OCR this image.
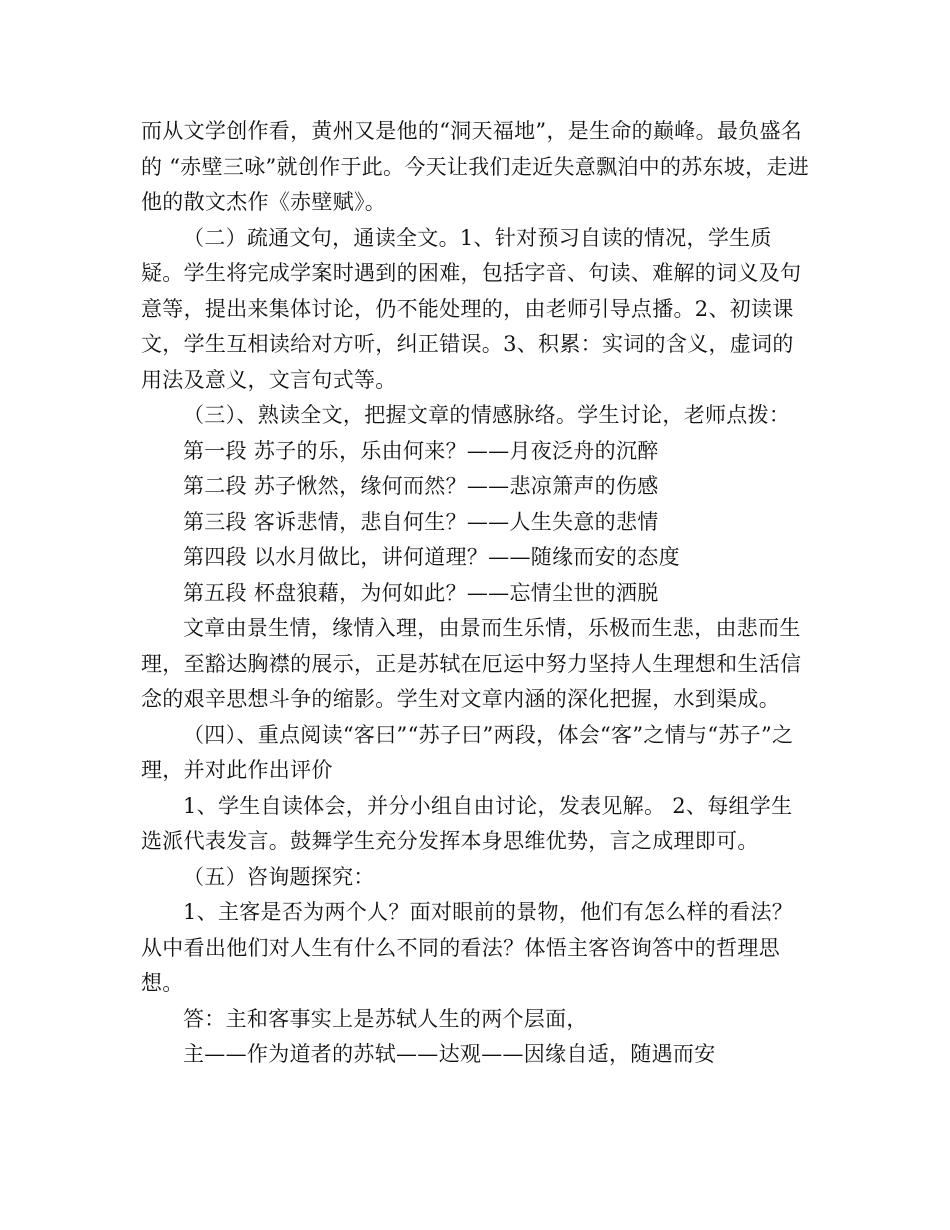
而从文学创作看，黄州又是他的“洞天福地”，是生命的巅峰。最负盛名的 “赤壁三咏”就创作于此。今天让我们走近失意飘泊中的苏东坡，走进他的散文杰作《赤壁赋》。

（二）疏通文句，通读全文。1、针对预习自读的情况，学生质疑。学生将完成学案时遇到的困难，包括字音、句读、难解的词义及句意等，提出来集体讨论，仍不能处理的，由老师引导点播。2、初读课文，学生互相读给对方听，纠正错误。3、积累：实词的含义，虚词的用法及意义，文言句式等。

（三）、熟读全文，把握文章的情感脉络。学生讨论，老师点拨：

第一段 苏子的乐，乐由何来？——月夜泛舟的沉醉

第二段 苏子愀然，缘何而然？——悲凉箫声的伤感

第三段 客诉悲情，悲自何生？——人生失意的悲情

第四段 以水月做比，讲何道理？——随缘而安的态度

第五段 杯盘狼藉，为何如此？——忘情尘世的洒脱

文章由景生情，缘情入理，由景而生乐情，乐极而生悲，由悲而生理，至豁达胸襟的展示，正是苏轼在厄运中努力坚持人生理想和生活信念的艰辛思想斗争的缩影。学生对文章内涵的深化把握，水到渠成。

（四）、重点阅读“客曰”“苏子曰”两段，体会“客”之情与“苏子”之理，并对此作出评价

1、学生自读体会，并分小组自由讨论，发表见解。 2、每组学生选派代表发言。鼓舞学生充分发挥本身思维优势，言之成理即可。

（五）咨询题探究：

1、主客是否为两个人？面对眼前的景物，他们有怎么样的看法？从中看出他们对人生有什么不同的看法？体悟主客咨询答中的哲理思想。

答：主和客事实上是苏轼人生的两个层面，

主——作为道者的苏轼——达观——因缘自适，随遇而安
